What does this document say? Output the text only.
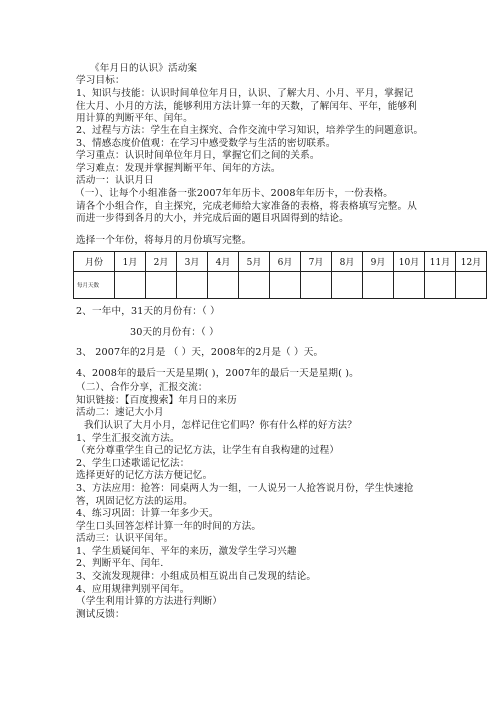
《年月日的认识》活动案
学习目标：
1、知识与技能：认识时间单位年月日，认识、了解大月、小月、平月，掌握记
住大月、小月的方法，能够利用方法计算一年的天数，了解闰年、平年，能够利
用计算的判断平年、闰年。
2、过程与方法：学生在自主探究、合作交流中学习知识，培养学生的问题意识。
3、情感态度价值观：在学习中感受数学与生活的密切联系。
学习重点：认识时间单位年月日，掌握它们之间的关系。
学习难点：发现并掌握判断平年、闰年的方法。
活动一：认识月日
（一）、让每个小组准备一张2007年年历卡、2008年年历卡，一份表格。
请各个小组合作，自主探究，完成老师给大家准备的表格，将表格填写完整。从
而进一步得到各月的大小，并完成后面的题目巩固得到的结论。
选择一个年份，将每月的月份填写完整。
月份	1月	2月	3月	4月	5月	6月	7月	8月	9月	10月	11月	12月
每月天数												
2、一年中，31天的月份有：（ ）
30天的月份有：（ ）
3、 2007年的2月是 （ ）天，2008年的2月是（ ）天。
4、2008年的最后一天是星期( )，2007年的最后一天是星期( )。
（二）、合作分享，汇报交流：
知识链接：【百度搜索】年月日的来历
活动二：速记大小月
我们认识了大月小月，怎样记住它们吗？你有什么样的好方法？
1、学生汇报交流方法。
（充分尊重学生自己的记忆方法，让学生有自我构建的过程）
2、学生口述歌谣记忆法：
选择更好的记忆方法方便记忆。
3、方法应用：抢答：同桌两人为一组，一人说另一人抢答说月份，学生快速抢
答，巩固记忆方法的运用。
4、练习巩固：计算一年多少天。
学生口头回答怎样计算一年的时间的方法。
活动三：认识平闰年。
1、学生质疑闰年、平年的来历，激发学生学习兴趣
2、判断平年、闰年.
3、交流发现规律：小组成员相互说出自己发现的结论。
4、应用规律判别平闰年。
（学生利用计算的方法进行判断）
测试反馈：
